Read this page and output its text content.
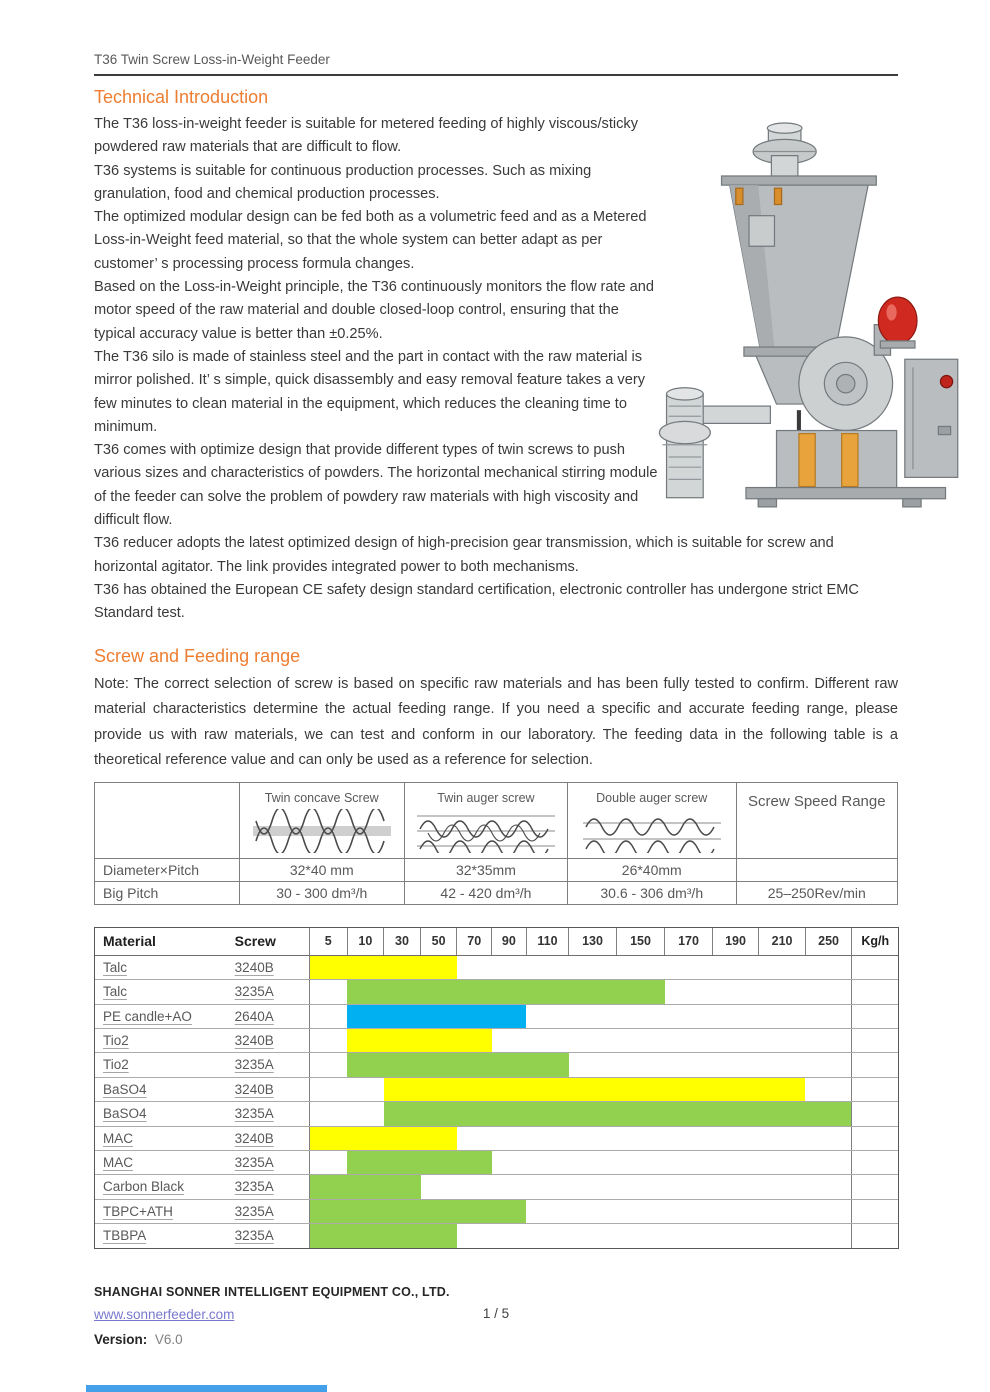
T36 Twin Screw Loss-in-Weight Feeder
Technical Introduction

The T36 loss-in-weight feeder is suitable for metered feeding of highly viscous/sticky powdered raw materials that are difficult to flow.

T36 systems is suitable for continuous production processes. Such as mixing granulation, food and chemical production processes.

The optimized modular design can be fed both as a volumetric feed and as a Metered Loss-in-Weight feed material, so that the whole system can better adapt as per customer’ s processing process formula changes.

Based on the Loss-in-Weight principle, the T36 continuously monitors the flow rate and motor speed of the raw material and double closed-loop control, ensuring that the typical accuracy value is better than ±0.25%.

The T36 silo is made of stainless steel and the part in contact with the raw material is mirror polished. It’ s simple, quick disassembly and easy removal feature takes a very few minutes to clean material in the equipment, which reduces the cleaning time to minimum.

T36 comes with optimize design that provide different types of twin screws to push various sizes and characteristics of powders. The horizontal mechanical stirring module of the feeder can solve the problem of powdery raw materials with high viscosity and difficult flow.

T36 reducer adopts the latest optimized design of high-precision gear transmission, which is suitable for screw and horizontal agitator. The link provides integrated power to both mechanisms.

T36 has obtained the European CE safety design standard certification, electronic controller has undergone strict EMC Standard test.

Screw and Feeding range
Note: The correct selection of screw is based on specific raw materials and has been fully tested to confirm. Different raw material characteristics determine the actual feeding range. If you need a specific and accurate feeding range, please provide us with raw materials, we can test and conform in our laboratory. The feeding data in the following table is a theoretical reference value and can only be used as a reference for selection.

	Twin concave Screw	Twin auger screw	Double auger screw	Screw Speed Range

Diameter×Pitch	32*40 mm	32*35mm	26*40mm	
Big Pitch	30 - 300 dm³/h	42 - 420 dm³/h	30.6 - 306 dm³/h	25–250Rev/min
Material	Screw	5	10	30	50	70	90	110	130	150	170	190	210	250	Kg/h
Talc	3240B
Talc	3235A
PE candle+AO	2640A
Tio2	3240B
Tio2	3235A
BaSO4	3240B
BaSO4	3235A
MAC	3240B
MAC	3235A
Carbon Black	3235A
TBPC+ATH	3235A
TBBPA	3235A
SHANGHAI SONNER INTELLIGENT EQUIPMENT CO., LTD.
www.sonnerfeeder.com	1 / 5
Version: V6.0
